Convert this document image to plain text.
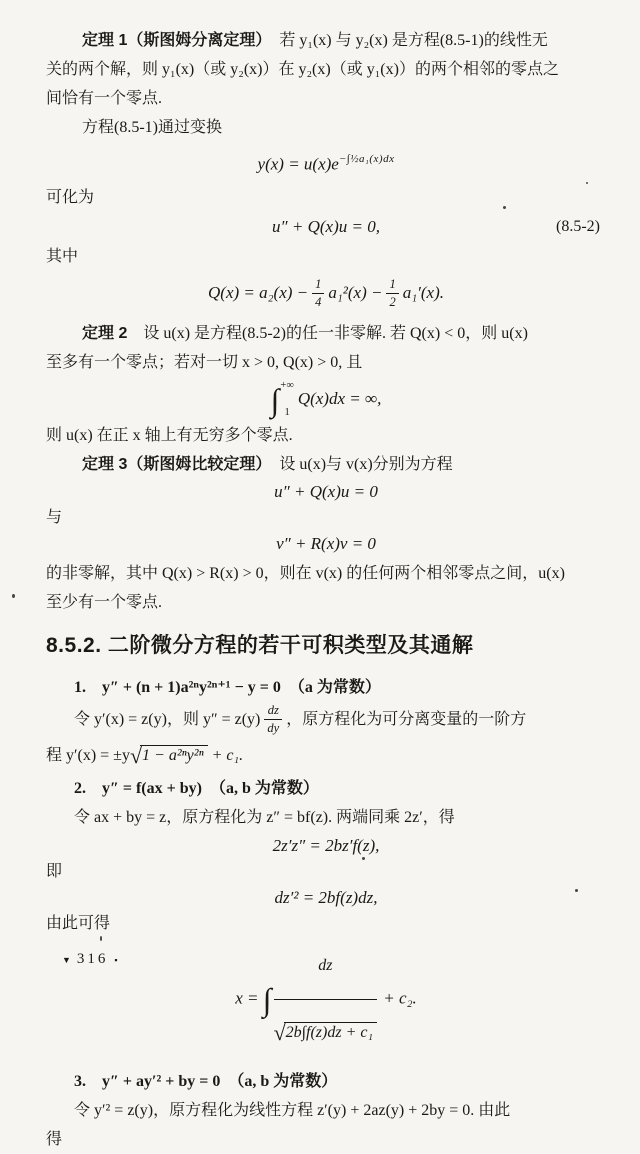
定理 1（斯图姆分离定理）　若 y₁(x) 与 y₂(x) 是方程(8.5-1)的线性无
关的两个解，则 y₁(x)（或 y₂(x)）在 y₂(x)（或 y₁(x)）的两个相邻的零点之
间恰有一个零点.
方程(8.5-1)通过变换
$y(x) = u(x)e^{-\int\frac{1}{2}a_1(x)dx}$
可化为
u″ + Q(x)u = 0,	(8.5-2)
其中
$Q(x) = a_2(x) - \frac{1}{4} a_1^2(x) - \frac{1}{2} a_1'(x)$.
定理 2　设 u(x) 是方程(8.5-2)的任一非零解. 若 Q(x) < 0，则 u(x)
至多有一个零点；若对一切 x > 0, Q(x) > 0, 且
∫ +∞
1
Q(x)dx = ∞,
则 u(x) 在正 x 轴上有无穷多个零点.
定理 3（斯图姆比较定理）　设 u(x)与 v(x)分别为方程
u″ + Q(x)u = 0
与
v″ + R(x)v = 0
的非零解，其中 Q(x) > R(x) > 0，则在 v(x) 的任何两个相邻零点之间，u(x)
至少有一个零点.
8.5.2. 二阶微分方程的若干可积类型及其通解
1.　y″ + (n + 1)a²ⁿy²ⁿ⁺¹ − y = 0　（a 为常数）
令 y′(x) = z(y)，则 $y'' = z(y) \frac{dz}{dy}$ ，原方程化为可分离变量的一阶方
程 y′(x) = ±y√1 − a²ⁿy²ⁿ + c₁.
2.　y″ = f(ax + by)　（a, b 为常数）
令 ax + by = z，原方程化为 z″ = bf(z). 两端同乘 2z′，得
2z′z″ = 2bz′f(z),
即
dz′² = 2bf(z)dz,
由此可得
x = ∫ $\frac{dz}{\text{√2b∫f(z)dz + c₁}} + c_2$.
3.　y″ + ay′² + by = 0　（a, b 为常数）
令 y′² = z(y)，原方程化为线性方程 z′(y) + 2az(y) + 2by = 0. 由此
得
▼ 316 ▪
